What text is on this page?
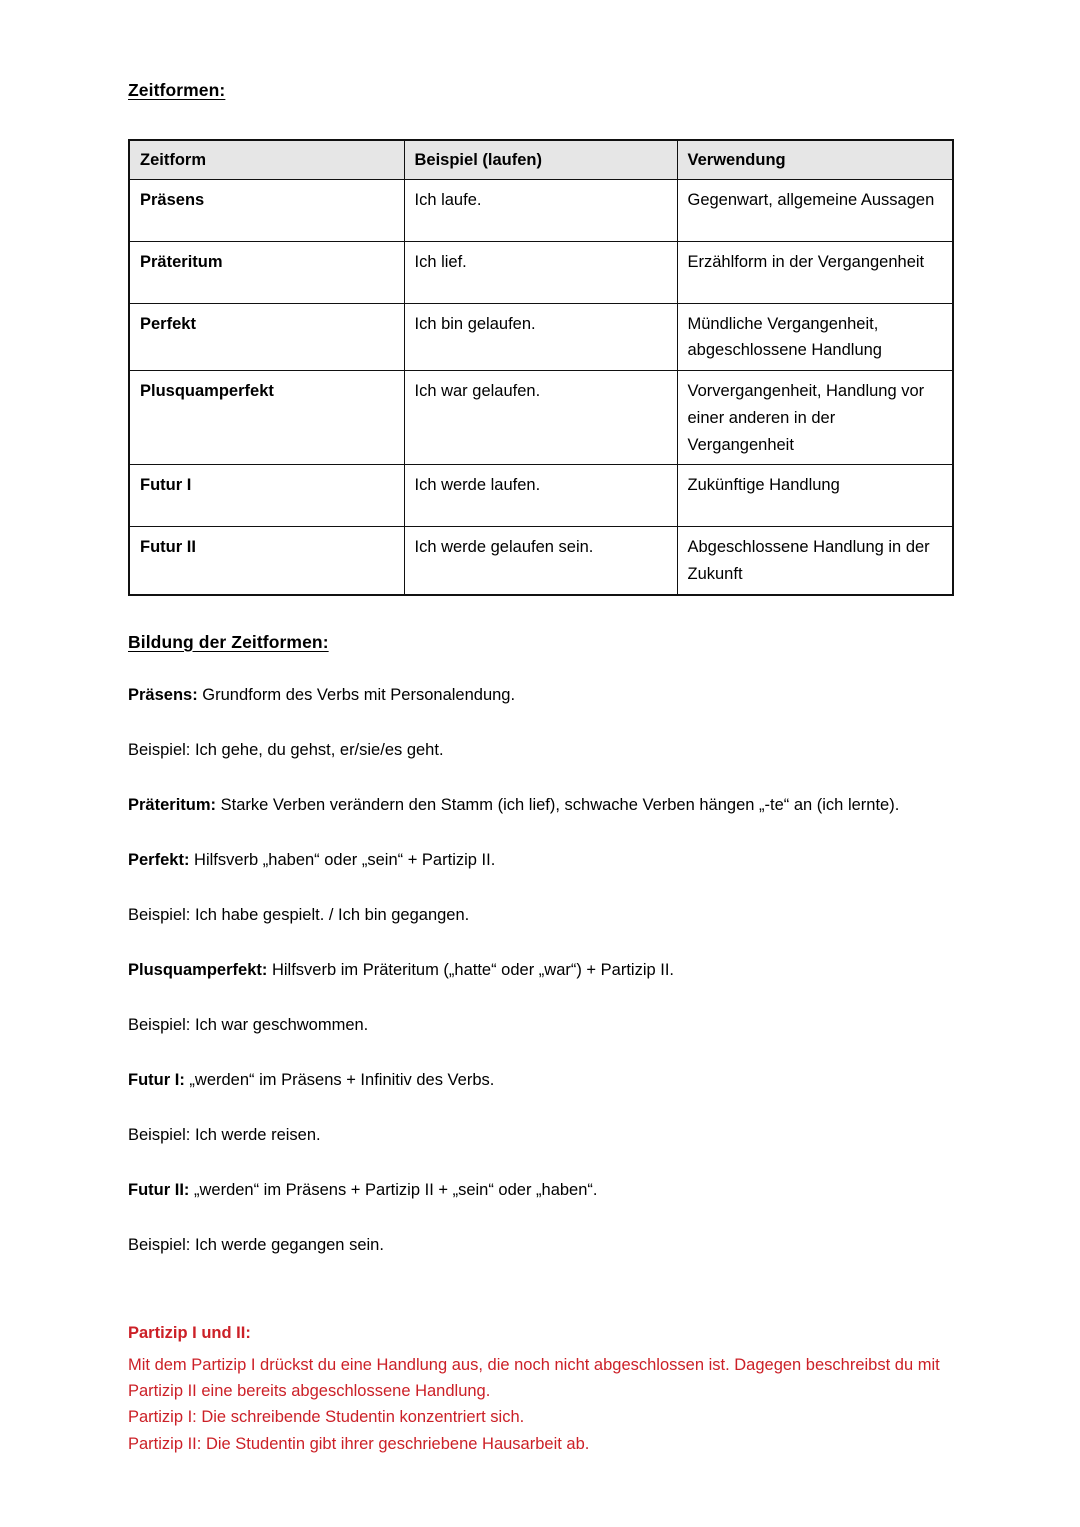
Zeitformen:
Zeitform	Beispiel (laufen)	Verwendung
Präsens	Ich laufe.	Gegenwart, allgemeine Aussagen
Präteritum	Ich lief.	Erzählform in der Vergangenheit
Perfekt	Ich bin gelaufen.	Mündliche Vergangenheit, abgeschlossene Handlung
Plusquamperfekt	Ich war gelaufen.	Vorvergangenheit, Handlung vor einer anderen in der Vergangenheit
Futur I	Ich werde laufen.	Zukünftige Handlung
Futur II	Ich werde gelaufen sein.	Abgeschlossene Handlung in der Zukunft
Bildung der Zeitformen:

Präsens: Grundform des Verbs mit Personalendung.

Beispiel: Ich gehe, du gehst, er/sie/es geht.

Präteritum: Starke Verben verändern den Stamm (ich lief), schwache Verben hängen „-te“ an (ich lernte).

Perfekt: Hilfsverb „haben“ oder „sein“ + Partizip II.

Beispiel: Ich habe gespielt. / Ich bin gegangen.

Plusquamperfekt: Hilfsverb im Präteritum („hatte“ oder „war“) + Partizip II.

Beispiel: Ich war geschwommen.

Futur I: „werden“ im Präsens + Infinitiv des Verbs.

Beispiel: Ich werde reisen.

Futur II: „werden“ im Präsens + Partizip II + „sein“ oder „haben“.

Beispiel: Ich werde gegangen sein.

Partizip I und II:

Mit dem Partizip I drückst du eine Handlung aus, die noch nicht abgeschlossen ist. Dagegen beschreibst du mit Partizip II eine bereits abgeschlossene Handlung.

Partizip I: Die schreibende Studentin konzentriert sich.

Partizip II: Die Studentin gibt ihrer geschriebene Hausarbeit ab.
